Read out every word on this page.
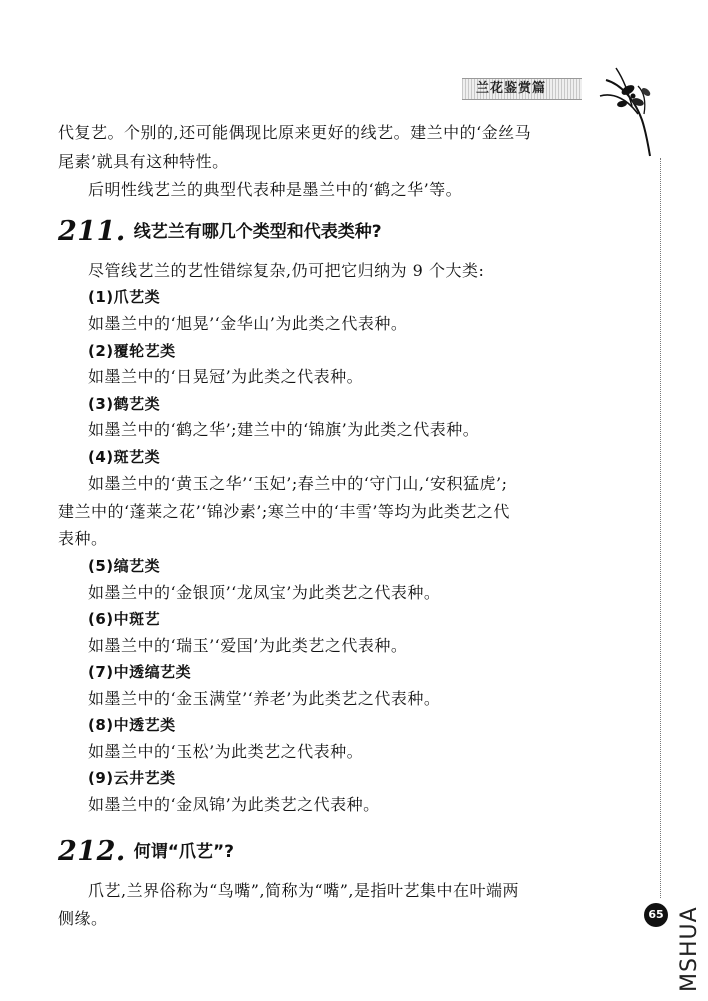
兰花鉴赏篇
65 MSHUA
代复艺。个别的,还可能偶现比原来更好的线艺。建兰中的‘金丝马
尾素’就具有这种特性。
后明性线艺兰的典型代表种是墨兰中的‘鹤之华’等。
211. 线艺兰有哪几个类型和代表类种?
尽管线艺兰的艺性错综复杂,仍可把它归纳为 9 个大类:
(1)爪艺类
如墨兰中的‘旭晃’‘金华山’为此类之代表种。
(2)覆轮艺类
如墨兰中的‘日晃冠’为此类之代表种。
(3)鹤艺类
如墨兰中的‘鹤之华’;建兰中的‘锦旗’为此类之代表种。
(4)斑艺类
如墨兰中的‘黄玉之华’‘玉妃’;春兰中的‘守门山,‘安积猛虎’;
建兰中的‘蓬莱之花’‘锦沙素’;寒兰中的‘丰雪’等均为此类艺之代
表种。
(5)缟艺类
如墨兰中的‘金银顶’‘龙凤宝’为此类艺之代表种。
(6)中斑艺
如墨兰中的‘瑞玉’‘爱国’为此类艺之代表种。
(7)中透缟艺类
如墨兰中的‘金玉满堂’‘养老’为此类艺之代表种。
(8)中透艺类
如墨兰中的‘玉松’为此类艺之代表种。
(9)云井艺类
如墨兰中的‘金凤锦’为此类艺之代表种。
212. 何谓“爪艺”?
爪艺,兰界俗称为“鸟嘴”,简称为“嘴”,是指叶艺集中在叶端两
侧缘。
